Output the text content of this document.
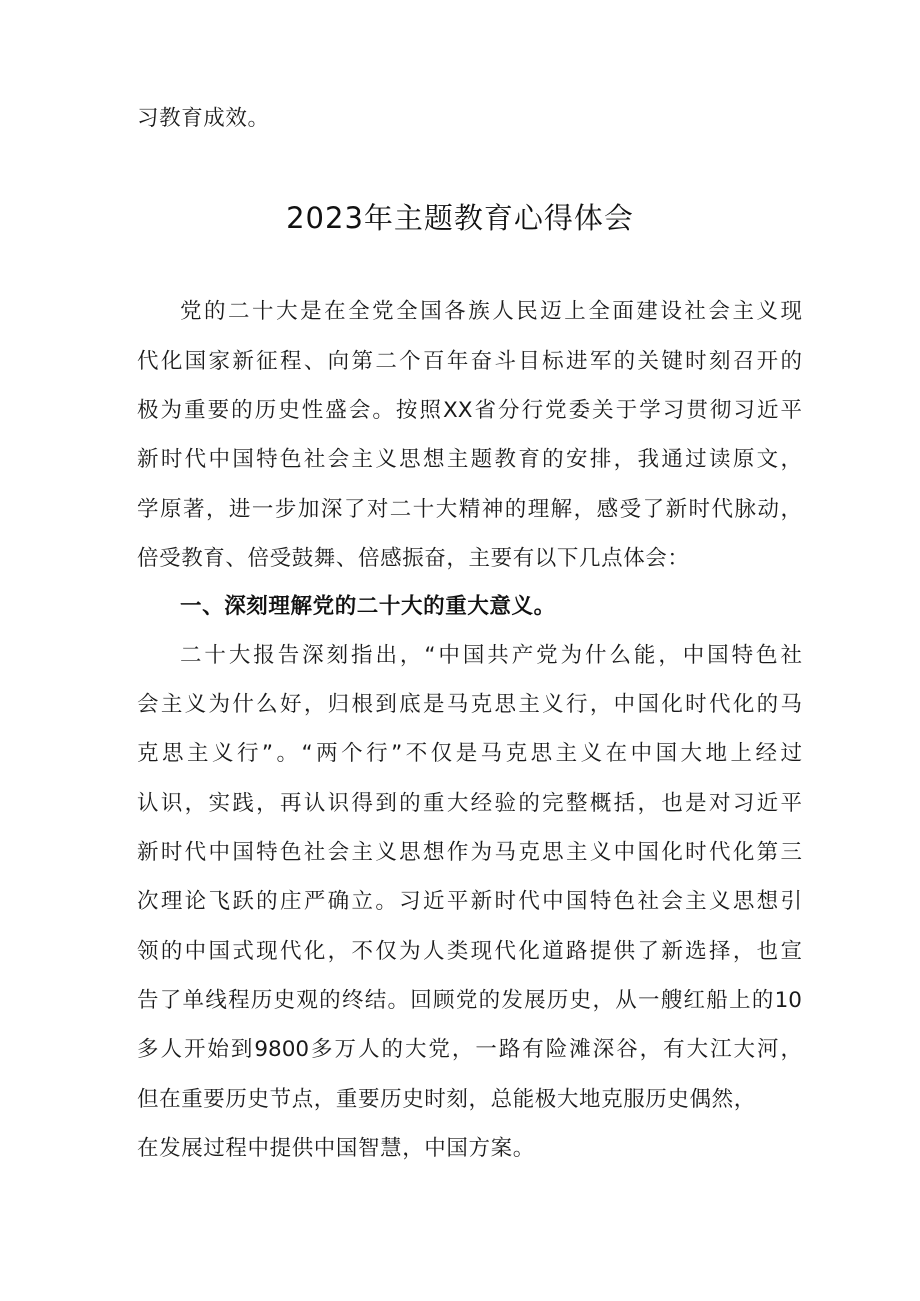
习教育成效。
2023年主题教育心得体会
党的二十大是在全党全国各族人民迈上全面建设社会主义现
代化国家新征程、向第二个百年奋斗目标进军的关键时刻召开的
极为重要的历史性盛会。按照XX省分行党委关于学习贯彻习近平
新时代中国特色社会主义思想主题教育的安排，我通过读原文，
学原著，进一步加深了对二十大精神的理解，感受了新时代脉动，
倍受教育、倍受鼓舞、倍感振奋，主要有以下几点体会：
一、深刻理解党的二十大的重大意义。
二十大报告深刻指出，“中国共产党为什么能，中国特色社
会主义为什么好，归根到底是马克思主义行，中国化时代化的马
克思主义行”。“两个行”不仅是马克思主义在中国大地上经过
认识，实践，再认识得到的重大经验的完整概括，也是对习近平
新时代中国特色社会主义思想作为马克思主义中国化时代化第三
次理论飞跃的庄严确立。习近平新时代中国特色社会主义思想引
领的中国式现代化，不仅为人类现代化道路提供了新选择，也宣
告了单线程历史观的终结。回顾党的发展历史，从一艘红船上的10
多人开始到9800多万人的大党，一路有险滩深谷，有大江大河，
但在重要历史节点，重要历史时刻，总能极大地克服历史偶然，
在发展过程中提供中国智慧，中国方案。
